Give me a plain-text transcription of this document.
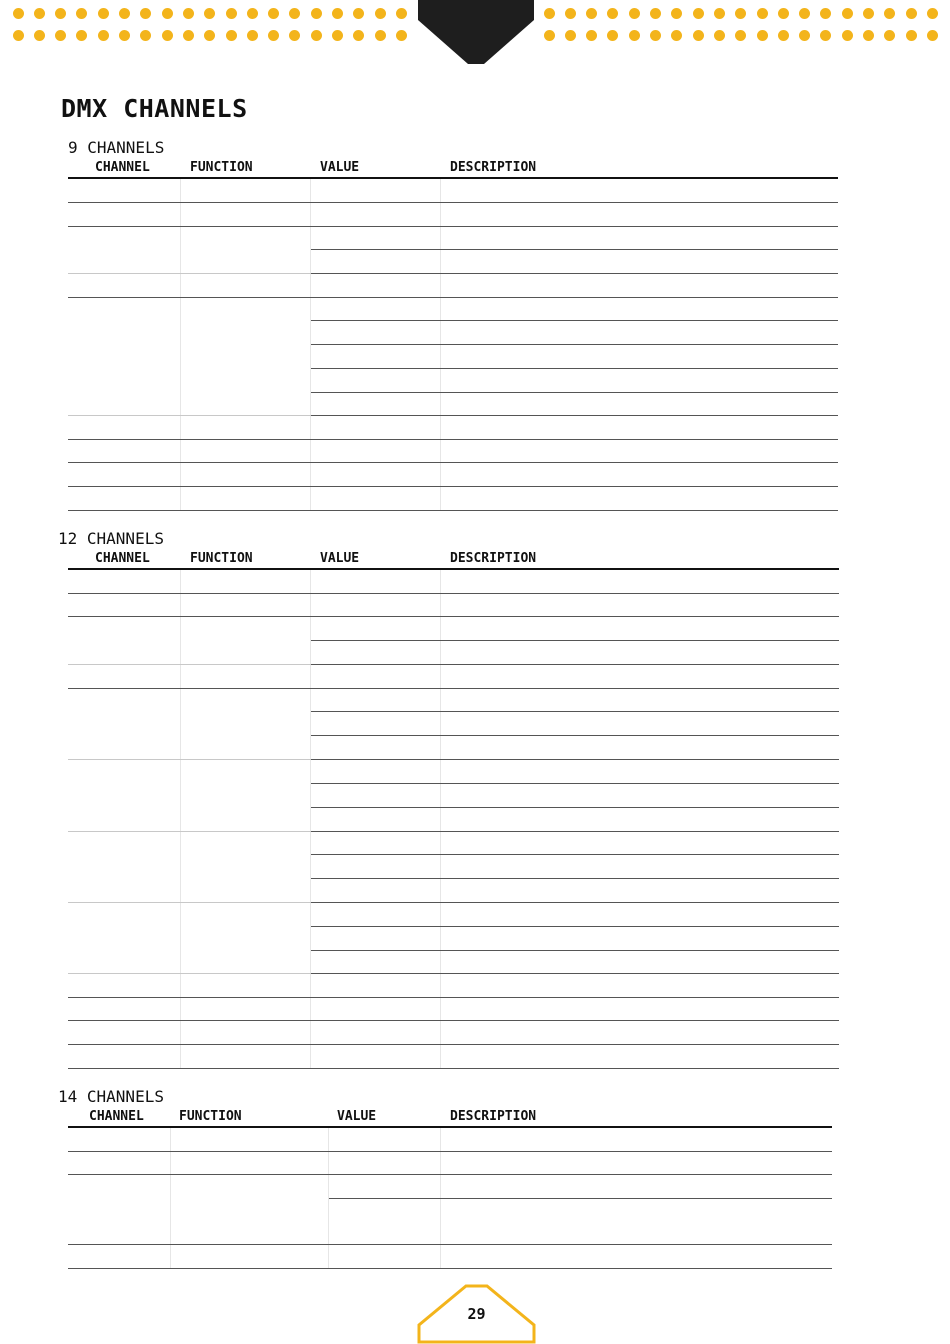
DMX CHANNELS
9 CHANNELS
CHANNEL	FUNCTION	VALUE	DESCRIPTION
12 CHANNELS
CHANNEL	FUNCTION	VALUE	DESCRIPTION
14 CHANNELS
CHANNEL	FUNCTION	VALUE	DESCRIPTION
29
